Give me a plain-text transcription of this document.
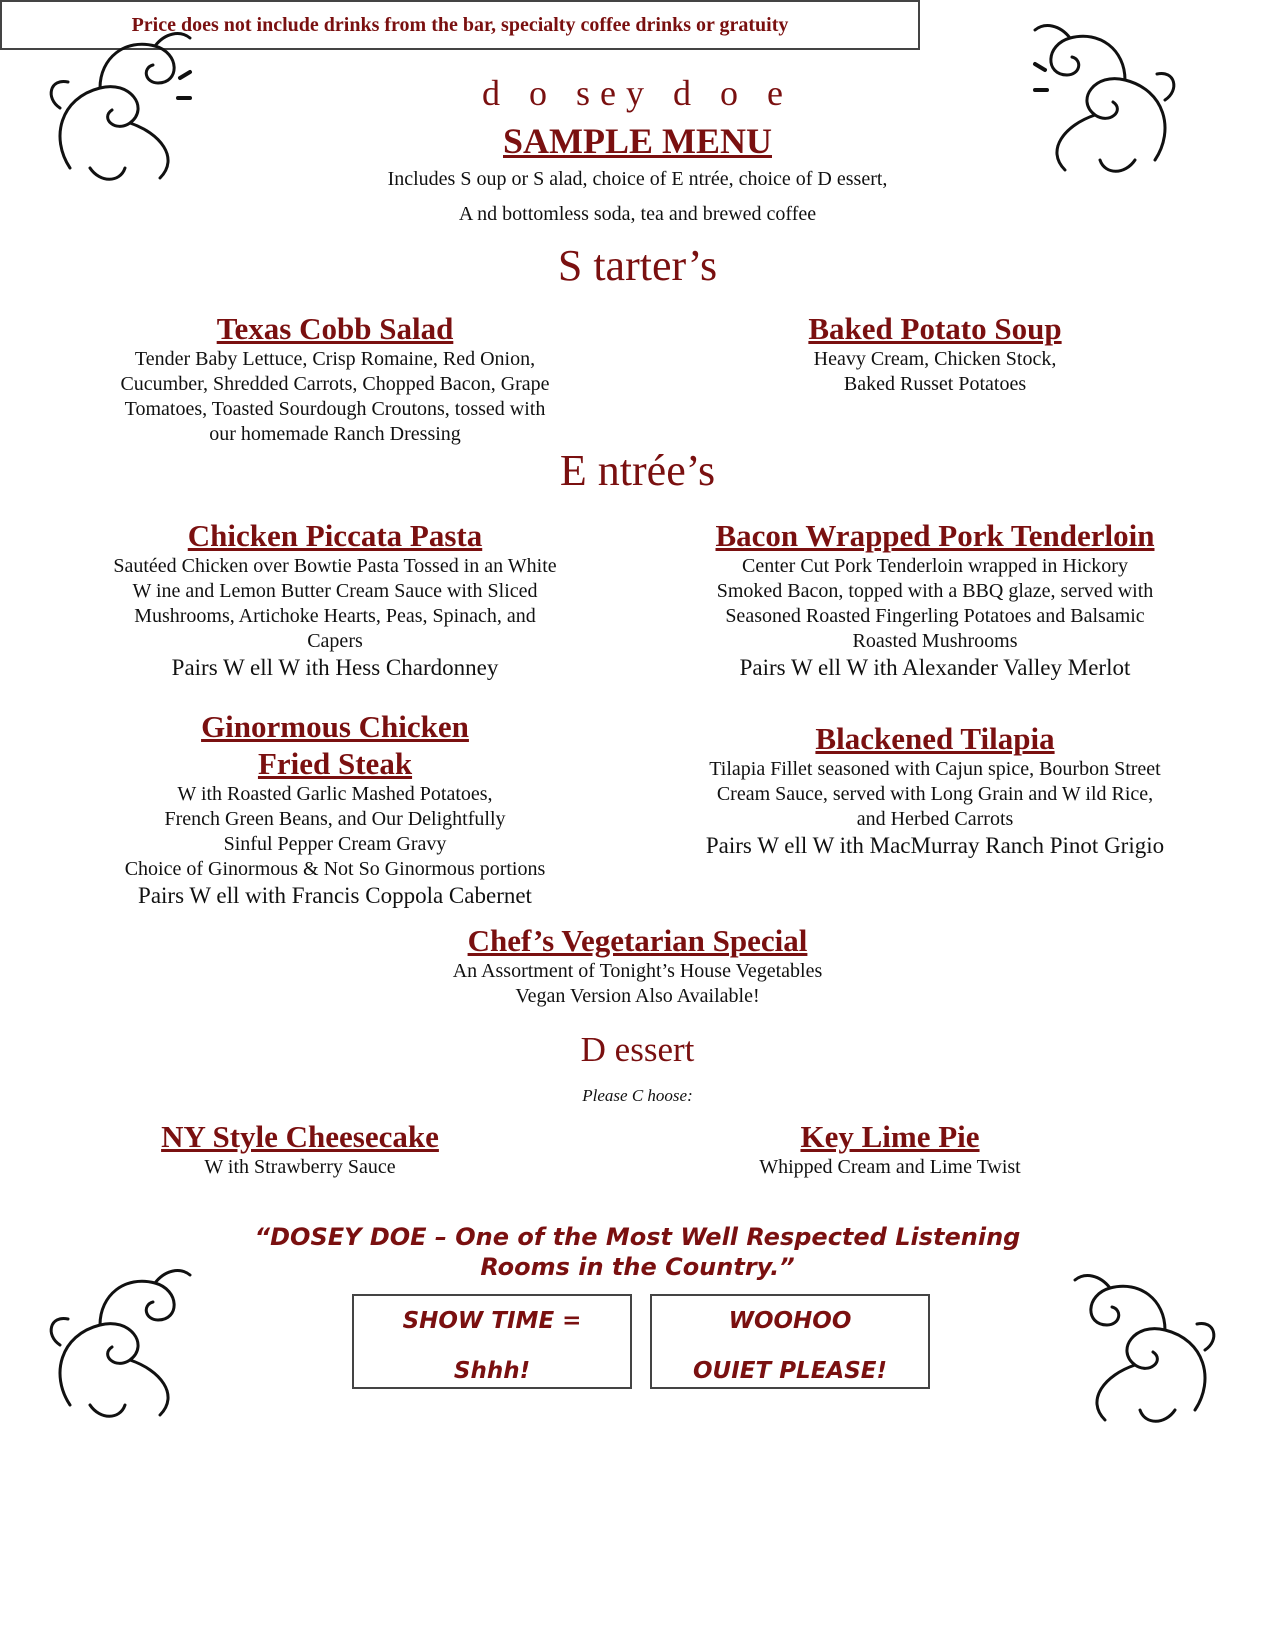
d o sey d o e
SAMPLE MENU
Includes S oup or S alad, choice of E ntrée, choice of D essert,
A nd bottomless soda, tea and brewed coffee
S tarter’s
Texas Cobb Salad
Tender Baby Lettuce, Crisp Romaine, Red Onion,
Cucumber, Shredded Carrots, Chopped Bacon, Grape
Tomatoes, Toasted Sourdough Croutons, tossed with
our homemade Ranch Dressing
Baked Potato Soup
Heavy Cream, Chicken Stock,
Baked Russet Potatoes
E ntrée’s
Chicken Piccata Pasta
Sautéed Chicken over Bowtie Pasta Tossed in an White
W ine and Lemon Butter Cream Sauce with Sliced
Mushrooms, Artichoke Hearts, Peas, Spinach, and
Capers
Pairs W ell W ith Hess Chardonney
Bacon Wrapped Pork Tenderloin
Center Cut Pork Tenderloin wrapped in Hickory
Smoked Bacon, topped with a BBQ glaze, served with
Seasoned Roasted Fingerling Potatoes and Balsamic
Roasted Mushrooms
Pairs W ell W ith Alexander Valley Merlot
Ginormous Chicken
Fried Steak
W ith Roasted Garlic Mashed Potatoes,
French Green Beans, and Our Delightfully
Sinful Pepper Cream Gravy
Choice of Ginormous & Not So Ginormous portions
Pairs W ell with Francis Coppola Cabernet
Blackened Tilapia
Tilapia Fillet seasoned with Cajun spice, Bourbon Street
Cream Sauce, served with Long Grain and W ild Rice,
and Herbed Carrots
Pairs W ell W ith MacMurray Ranch Pinot Grigio
Chef’s Vegetarian Special
An Assortment of Tonight’s House Vegetables
Vegan Version Also Available!
D essert
Please C hoose:
NY Style Cheesecake
W ith Strawberry Sauce
Key Lime Pie
Whipped Cream and Lime Twist
“DOSEY DOE – One of the Most Well Respected Listening
Rooms in the Country.”
SHOW TIME =
Shhh!
WOOHOO
OUIET PLEASE!
Price does not include drinks from the bar, specialty coffee drinks or gratuity
